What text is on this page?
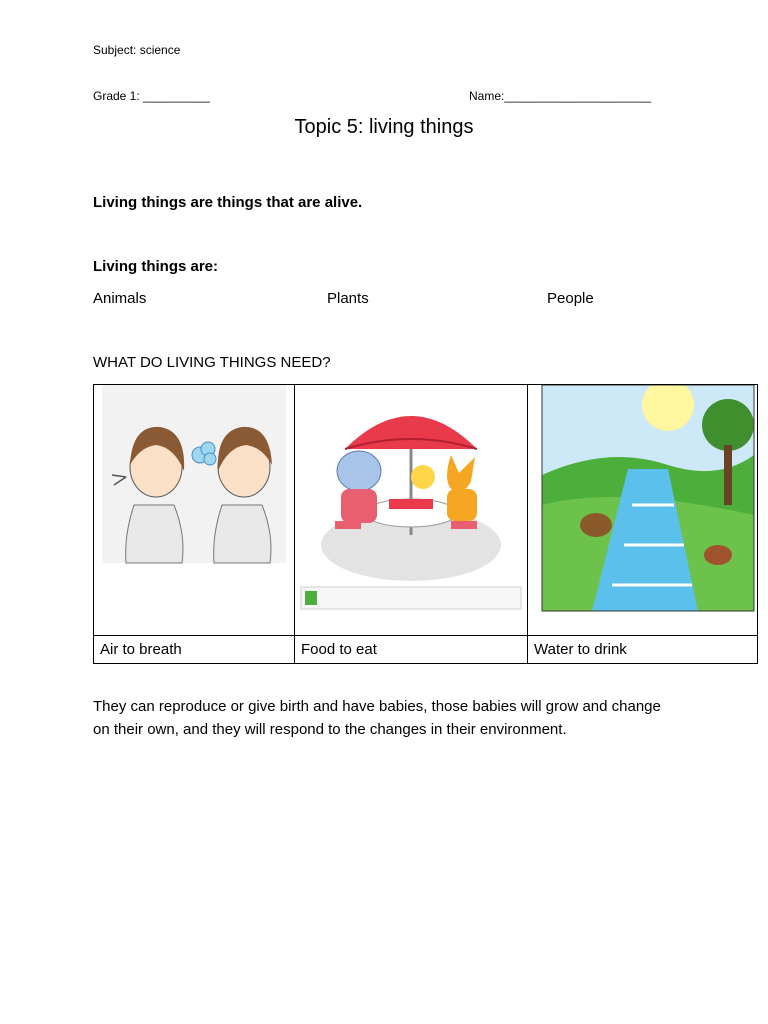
Subject: science
Grade 1: __________	Name:______________________
Topic 5: living things
Living things are things that are alive.
Living things are:
Animals	Plants	People
WHAT DO LIVING THINGS NEED?

Air to breath	Food to eat	Water to drink
They can reproduce or give birth and have babies, those babies will grow and change on their own, and they will respond to the changes in their environment.
